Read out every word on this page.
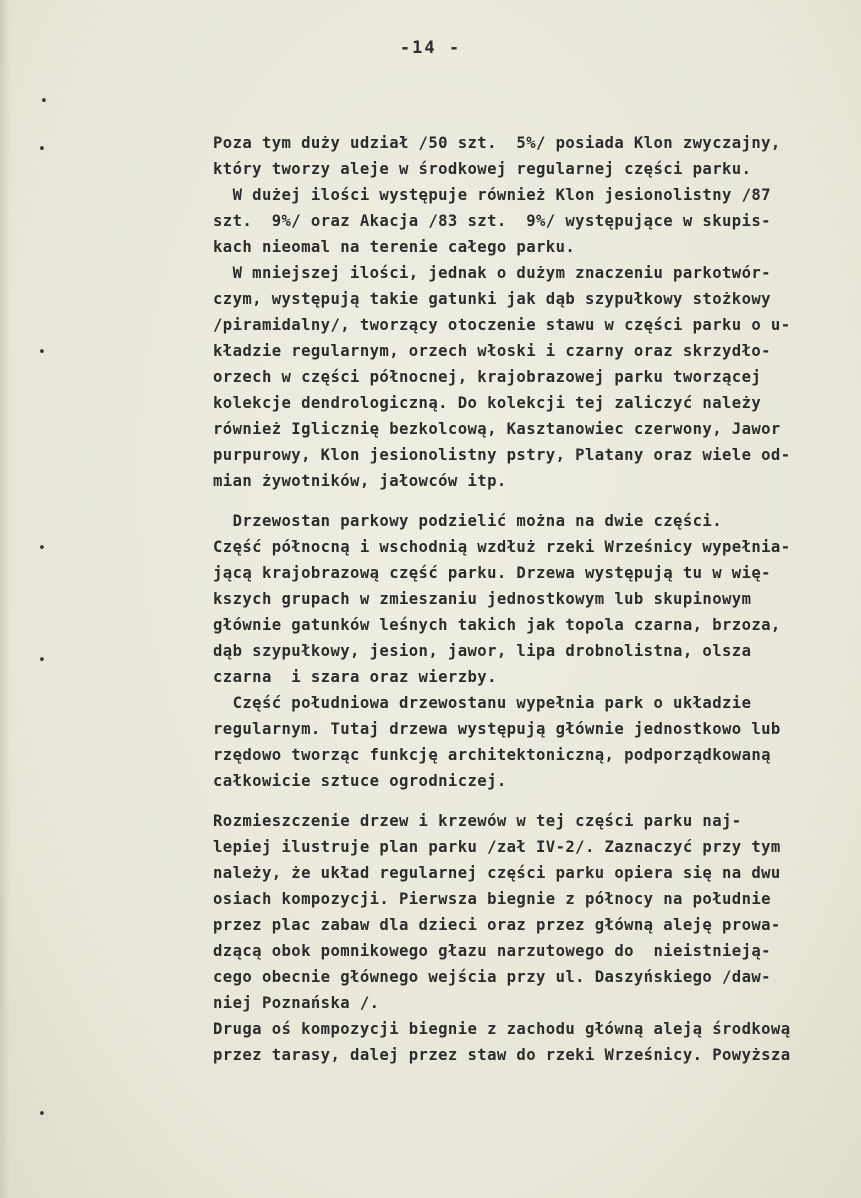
-14 -
•
•
•
•
•
•
Poza tym duży udział /50 szt.  5%/ posiada Klon zwyczajny,
który tworzy aleje w środkowej regularnej części parku.
W dużej ilości występuje również Klon jesionolistny /87
szt.  9%/ oraz Akacja /83 szt.  9%/ występujące w skupis-
kach nieomal na terenie całego parku.
W mniejszej ilości, jednak o dużym znaczeniu parkotwór-
czym, występują takie gatunki jak dąb szypułkowy stożkowy
/piramidalny/, tworzący otoczenie stawu w części parku o u-
kładzie regularnym, orzech włoski i czarny oraz skrzydło-
orzech w części północnej, krajobrazowej parku tworzącej
kolekcje dendrologiczną. Do kolekcji tej zaliczyć należy
również Iglicznię bezkolcową, Kasztanowiec czerwony, Jawor
purpurowy, Klon jesionolistny pstry, Platany oraz wiele od-
mian żywotników, jałowców itp.
Drzewostan parkowy podzielić można na dwie części.
Część północną i wschodnią wzdłuż rzeki Wrześnicy wypełnia-
jącą krajobrazową część parku. Drzewa występują tu w wię-
kszych grupach w zmieszaniu jednostkowym lub skupinowym
głównie gatunków leśnych takich jak topola czarna, brzoza,
dąb szypułkowy, jesion, jawor, lipa drobnolistna, olsza
czarna  i szara oraz wierzby.
Część południowa drzewostanu wypełnia park o układzie
regularnym. Tutaj drzewa występują głównie jednostkowo lub
rzędowo tworząc funkcję architektoniczną, podporządkowaną
całkowicie sztuce ogrodniczej.
Rozmieszczenie drzew i krzewów w tej części parku naj-
lepiej ilustruje plan parku /zał IV-2/. Zaznaczyć przy tym
należy, że układ regularnej części parku opiera się na dwu
osiach kompozycji. Pierwsza biegnie z północy na południe
przez plac zabaw dla dzieci oraz przez główną aleję prowa-
dzącą obok pomnikowego głazu narzutowego do  nieistnieją-
cego obecnie głównego wejścia przy ul. Daszyńskiego /daw-
niej Poznańska /.
Druga oś kompozycji biegnie z zachodu główną aleją środkową
przez tarasy, dalej przez staw do rzeki Wrześnicy. Powyższa
